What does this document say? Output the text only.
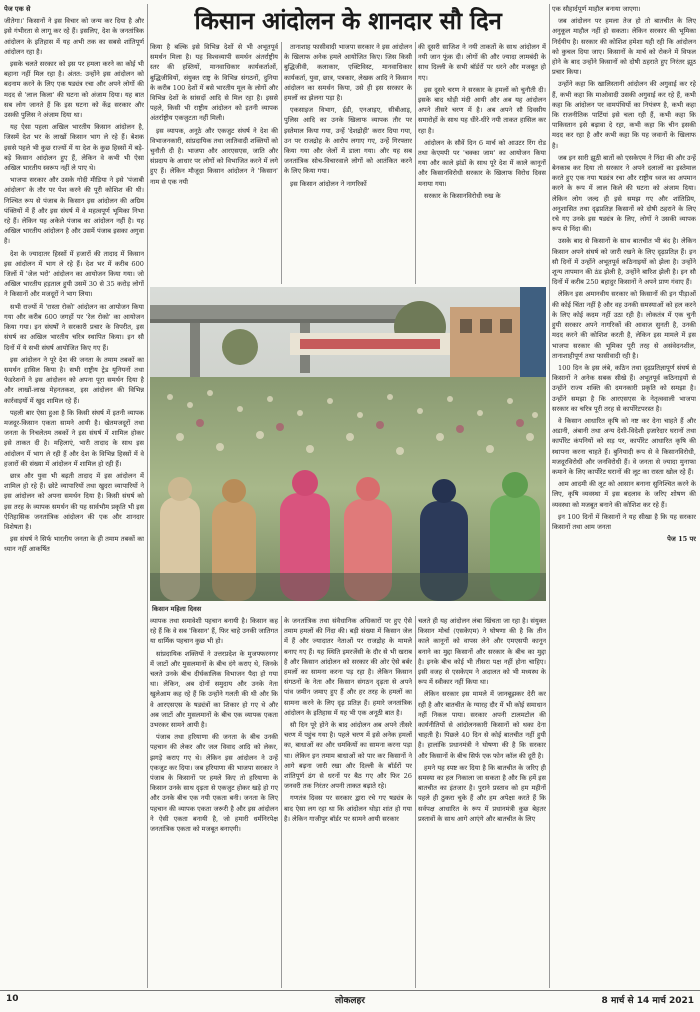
किसान आंदोलन के शानदार सौ दिन

पेज एक से

जीतेगा।' किसानों ने इस विचार को जन्म कर दिया है और इसे गंभीरता से लागू कर रहे हैं। इसलिए, देश के जनतांत्रिक आंदोलन के इतिहास में यह अभी तक का सबसे शांतिपूर्ण आंदोलन रहा है।

इसके चलते सरकार को इस पर हमला करने का कोई भी बहाना नहीं मिल रहा है। अंतत: उन्होंने इस आंदोलन को बदनाम करने के लिए एक षड्यंत्र रचा और अपने लोगों की मदद से 'लाल किला' की घटना को अंजाम दिया। यह बात सब लोग जानते हैं कि इस घटना को केंद्र सरकार और उसकी पुलिस ने अंजाम दिया था।

यह ऐसा पहला अखिल भारतीय किसान आंदोलन है, जिसमें देश भर के लाखों किसान भाग ले रहे हैं। बेशक इससे पहले भी कुछ राज्यों में या देश के कुछ हिस्सों में बड़े-बड़े किसान आंदोलन हुए हैं, लेकिन वे कभी भी ऐसा अखिल भारतीय स्वरूप नहीं ले पाए थे।

भाजपा सरकार और उसके गोदी मीडिया ने इसे 'पंजाबी आंदोलन' के तौर पर पेश करने की पूरी कोशिश की थी। निश्चित रूप से पंजाब के किसान इस आंदोलन की अग्रिम पंक्तियों में हैं और इस संघर्ष में वे महत्वपूर्ण भूमिका निभा रहे हैं। लेकिन यह अकेले पंजाब का आंदोलन नहीं है। यह अखिल भारतीय आंदोलन है और उसमें पंजाब इसका अगुवा है।

देश के ज्यादातर हिस्सों में हजारों की तादाद में किसान इस आंदोलन में भाग ले रहे हैं। देश भर में करीब 600 जिलों में 'जेल भरो' आंदोलन का आयोजन किया गया। जो अखिल भारतीय हड़ताल हुयी उसमें 30 से 35 करोड़ लोगों ने किसानों और मजदूरों ने भाग लिया।

सभी राज्यों में 'रास्ता रोको' आंदोलन का आयोजन किया गया और करीब 600 जगहों पर 'रेल रोको' का आयोजन किया गया। इन संघर्षों ने सरकारी प्रचार के विपरीत, इस संघर्ष का अखिल भारतीय चरित्र स्थापित किया। इन सौ दिनों में ये सभी संघर्ष आयोजित किए गए हैं।

इस आंदोलन ने पूरे देश की जनता के तमाम तबकों का समर्थन हासिल किया है। सभी राष्ट्रीय ट्रेड यूनियनों तथा फेडरेशनों ने इस आंदोलन को अपना पूरा समर्थन दिया है और लाखों-लाख मेहनतकश, इस आंदोलन की विभिन्न कार्रवाइयों में खुद शामिल रहे हैं।

पहली बार ऐसा हुआ है कि किसी संघर्ष में इतनी व्यापक मजदूर-किसान एकता सामने आयी है। खेतमजदूरों तथा जनता के निचलेतम तबकों ने इस संघर्ष में शामिल होकर इसे ताकत दी है। महिलाएं, भारी तादाद के साथ इस आंदोलन में भाग ले रही हैं और देश के विभिन्न हिस्सों में वे हजारों की संख्या में आंदोलन में शामिल हो रही हैं।

छात्र और युवा भी बढ़ती तादाद में इस आंदोलन में शामिल हो रहे हैं। छोटे व्यापारियों तथा खुदरा व्यापारियों ने इस आंदोलन को अपना समर्थन दिया है। किसी संघर्ष को इस तरह के व्यापक समर्थन की यह सार्वभौम प्रकृति भी इस ऐतिहासिक जनतांत्रिक आंदोलन की एक और शानदार विशेषता है।

इस संघर्ष ने सिर्फ भारतीय जनता के ही तमाम तबकों का ध्यान नहीं आकर्षित

किया है बल्कि इसे विभिन्न देशों से भी अभूतपूर्व समर्थन मिला है। यह विश्वव्यापी समर्थन अंतर्राष्ट्रीय स्तर की हस्तियों, मानवाधिकार कार्यकर्ताओं, बुद्धिजीवियों, संयुक्त राष्ट्र के विभिन्न संगठनों, दुनिया के करीब 100 देशों में बसे भारतीय मूल के लोगों और विभिन्न देशों के सांसदों आदि से मिल रहा है। इससे पहले, किसी भी राष्ट्रीय आंदोलन को इतनी व्यापक अंतर्राष्ट्रीय एकजुटता नहीं मिली।

इस व्यापक, अनूठे और एकजुट संघर्ष ने देश की विभाजनकारी, सांप्रदायिक तथा जातिवादी शक्तियों को चुनौती दी है। भाजपा और आरएसएस, जाति और संप्रदाय के आधार पर लोगों को विभाजित करने में लगे हुए हैं। लेकिन मौजूदा किसान आंदोलन ने 'किसान' नाम से एक नयी

तानाशाह फासीवादी भाजपा सरकार ने इस आंदोलन के खिलाफ अनेक हमले आयोजित किए। जिस किसी बुद्धिजीवी, कलाकार, एक्टिविस्ट, मानवाधिकार कार्यकर्ता, युवा, छात्र, पत्रकार, लेखक आदि ने किसान आंदोलन का समर्थन किया, उसे ही इस सरकार के हमलों का झेलना पड़ा है।

एकसाइज विभाग, ईडी, एनआइए, सीबीआइ, पुलिस आदि का उनके खिलाफ व्यापक तौर पर इस्तेमाल किया गया, उन्हें 'देशद्रोही' करार दिया गया, उन पर राजद्रोह के आरोप लगाए गए, उन्हें गिरफ्तार किया गया और जेलों में डाला गया। और यह सब जनतांत्रिक सोच-विचारवाले लोगों को आतंकित करने के लिए किया गया।

इस किसान आंदोलन ने नागरिकों

की दूसरी साजिश ने नयी ताकतों के साथ आंदोलन में नयी जान फूंक दी। लोगों की और ज्यादा लामबंदी के साथ दिल्ली के सभी बॉर्डरों पर धरने और मजबूत हो गए।

इस दूसरे चरण ने सरकार के हमलों को चुनौती दी। इसके बाद थोड़ी मंदी आयी और अब यह आंदोलन अपने तीसरे चरण में है। अब अपने सौ दिवसीय समारोहों के साथ यह धीरे-धीरे नयी ताकत हासिल कर रहा है।

आंदोलन के सौवें दिन 6 मार्च को आउटर रिंग रोड तथा केएमपी पर 'चक्का जाम' का आयोजन किया गया और काले झंडों के साथ पूरे देश में काले कानूनों और किसानविरोधी सरकार के खिलाफ विरोध दिवस मनाया गया।

सरकार के किसानविरोधी रुख के

किसान महिला दिवस

व्यापक तथा समावेशी पहचान बनायी है। किसान कह रहे हैं कि वे सब 'किसान' हैं, फिर चाहे उनकी जातिगत या धार्मिक पहचान कुछ भी हो।

सांप्रदायिक शक्तियों ने उत्तरप्रदेश के मुजफ्फरनगर में जाटों और मुसलमानों के बीच दंगे कराए थे, जिनके चलते उनके बीच दीर्घकालिक विभाजन पैदा हो गया था। लेकिन, अब दोनों समुदाय और उनके नेता खुलेआम कह रहे हैं कि उन्होंने गलती की थी और कि वे आरएसएस के षड्यंत्रों का शिकार हो गए थे और अब जाटों और मुसलमानों के बीच एक व्यापक एकता उभरकर सामने आयी है।

पंजाब तथा हरियाणा की जनता के बीच उनकी पहचान की लेकर और जल विवाद आदि को लेकर, झगड़े कराए गए थे। लेकिन इस आंदोलन ने उन्हें एकजुट कर दिया। जब हरियाणा की भाजपा सरकार ने पंजाब के किसानों पर हमले किए तो हरियाणा के किसान उनके साथ दृढ़ता से एकजुट होकर खड़े हो गए और उनके बीच एक नयी एकता बनी। जनता के लिए पहचान की व्यापक एकता जरूरी है और इस आंदोलन ने ऐसी एकता बनायी है, जो हमारी धर्मनिरपेक्ष जनतांत्रिक एकता को मजबूत बनाएगी।

के जनतांत्रिक तथा संवैधानिक अधिकारों पर हुए ऐसे तमाम हमलों की निंदा की। बड़ी संख्या में किसान जेल में हैं और ज्यादातर नेताओं पर राजद्रोह के मामले बनाए गए हैं। यह स्थिति इमरजेंसी के दौर से भी खराब है और किसान आंदोलन को सरकार की ओर ऐसे बर्बर हमलों का सामना करना पड़ रहा है। लेकिन किसान संगठनों के नेता और किसान संगठन दृढ़ता से अपने पांव जमीन जमाए हुए हैं और हर तरह के हमलों का सामना करने के लिए दृढ़ प्रतिज्ञ हैं। हमारे जनतांत्रिक आंदोलन के इतिहास में यह भी एक अनूठी बात है।

सौ दिन पूरे होने के बाद आंदोलन अब अपने तीसरे चरण में पहुंच गया है। पहले चरण में इसे अनेक हमलों का, बाधाओं का और धमकियों का सामना करना पड़ा था। लेकिन इन तमाम बाधाओं को पार कर किसानों ने आगे बढ़ना जारी रखा और दिल्ली के बॉर्डरों पर शांतिपूर्ण ढंग से धरनों पर बैठ गए और फिर 26 जनवरी तक निरंतर अपनी ताकत बढ़ाते रहे।

गणतंत्र दिवस पर सरकार द्वारा रचे गए षड्यंत्र के बाद ऐसा लग रहा था कि आंदोलन थोड़ा शांत हो गया है। लेकिन गाजीपुर बॉर्डर पर सामने आयी सरकार

चलते ही यह आंदोलन लंबा खिंचता जा रहा है। संयुक्त किसान मोर्चा (एसकेएम) ने घोषणा की है कि तीन काले कानूनों को वापस लेने और एमएसपी कानून बनाने का मुद्दा किसानों और सरकार के बीच का मुद्दा है। इनके बीच कोई भी तीसरा पक्ष नहीं होना चाहिए। इसी वजह से एसकेएम ने अदालत को भी मध्यस्थ के रूप में स्वीकार नहीं किया था।

लेकिन सरकार इस मामले में जानबूझकर देरी कर रही है और बातचीत के ग्यारह दौर में भी कोई समाधान नहीं निकल पाया। सरकार अपनी टालमटोल की कार्यनीतियों से आंदोलनकारी किसानों को थका देना चाहती है। पिछले 40 दिन से कोई बातचीत नहीं हुयी है। हालांकि प्रधानमंत्री ने घोषणा की है कि सरकार और किसानों के बीच सिर्फ एक फोन कॉल की दूरी है।

हमने यह स्पष्ट कर दिया है कि बातचीत के जरिए ही समस्या का हल निकाला जा सकता है और कि हमें इस बातचीत का इंतजार है। पुराने प्रस्ताव को हम महीनों पहले ही ठुकरा चुके हैं और हम अपेक्षा करते हैं कि सर्वपक्ष आधारित के रूप में प्रधानमंत्री कुछ बेहतर प्रस्तावों के साथ आगे आएंगे और बातचीत के लिए

एक सौहार्दपूर्ण माहौल बनाया जाएगा।

जब आंदोलन पर हमला तेज हो तो बातचीत के लिए अनुकूल माहौल नहीं हो सकता। लेकिन सरकार की भूमिका निर्दयीय है। सरकार की कोशिश हमेशा यही रही कि आंदोलन को कुचल दिया जाए। किसानों के मार्च को रोकने में विफल होने के बाद उन्होंने किसानों को दोषी ठहराते हुए निरंतर झूठ प्रचार किया।

उन्होंने कहा कि खालिस्तानी आंदोलन की अगुवाई कर रहे हैं, कभी कहा कि माओवादी उसकी अगुवाई कर रहे हैं, कभी कहा कि आंदोलन पर वामपंथियों का नियंत्रण है, कभी कहा कि राजनीतिक पार्टियां इसे चला रही हैं, कभी कहा कि पाकिस्तान इसे बढ़ावा दे रहा, कभी कहा कि चीन इसकी मदद कर रहा है और कभी कहा कि यह जवानों के खिलाफ है।

जब इन सारी झूठी बातों को एसकेएम ने निंदा की और उन्हें बेनकाब कर दिया तो सरकार ने अपने दलालों का इस्तेमाल करते हुए एक नया षड्यंत्र रचा और राष्ट्रीय ध्वज का अपमान करने के रूप में लाल किले की घटना को अंजाम दिया। लेकिन लोग जल्द ही इसे समझ गए और शांतिप्रिय, अनुशासित तथा दृढ़प्रतिज्ञ किसानों को दोषी ठहराने के लिए रचे गए उनके इस षड्यंत्र के लिए, लोगों ने उसकी व्यापक रूप से निंदा की।

उसके बाद से किसानों के साथ बातचीत भी बंद है। लेकिन किसान अपने संघर्ष को जारी रखने के लिए दृढ़प्रतिज्ञ हैं। इन सौ दिनों में उन्होंने अभूतपूर्व कठिनाइयों को झेला है। उन्होंने शून्य तापमान की ठंड झेली है, उन्होंने बारिश झेली है। इन सौ दिनों में करीब 250 बहादुर किसानों ने अपने प्राण गंवाए हैं।

लेकिन इस अमानवीय सरकार को किसानों की इन पीड़ाओं की कोई चिंता नहीं है और वह उनकी समस्याओं को हल करने के लिए कोई कदम नहीं उठा रही है। लोकतंत्र में एक चुनी हुयी सरकार अपने नागरिकों की आवाज सुनती है, उनकी मदद करने की कोशिश करती है, लेकिन इस मामले में इस भाजपा सरकार की भूमिका पूरी तरह से असंवेदनशील, तानाशाहीपूर्ण तथा फासीवादी रही है।

100 दिन के इस लंबे, कठिन तथा दृढ़प्रतिज्ञापूर्ण संघर्ष से किसानों ने अनेक सबक सीखे हैं। अभूतपूर्व कठिनाइयों से उन्होंने राज्य शक्ति की दमनकारी प्रकृति को समझा है। उन्होंने समझा है कि आरएसएस के नेतृत्ववाली भाजपा सरकार का चरित्र पूरी तरह से कार्पोरेटपरस्त है।

वे किसान आधारित कृषि को नष्ट कर देना चाहते हैं और अडानी, अंबानी तथा अन्य देशी-विदेशी इजारेदार घरानों तथा कार्पोरेट कंपनियों को सड़ पर, कार्पोरेट आधारित कृषि की स्थापना करना चाहते हैं। बुनियादी रूप से वे किसानविरोधी, मजदूरविरोधी और जनविरोधी हैं। वे जनता से ज्यादा मुनाफा कमाने के लिए कार्पोरेट घरानों की लूट का रास्ता खोल रहे हैं।

आम आदमी की लूट को आसान बनाना सुनिश्चित करने के लिए, कृषि व्यवस्था में इस बदलाव के जरिए शोषण की व्यवस्था को मजबूत बनाने की कोशिश कर रहे हैं।

इन 100 दिनों में किसानों ने यह सीखा है कि यह सरकार किसानों तथा आम जनता

पेज 15 पर

10	लोकलहर	8 मार्च से 14 मार्च 2021
